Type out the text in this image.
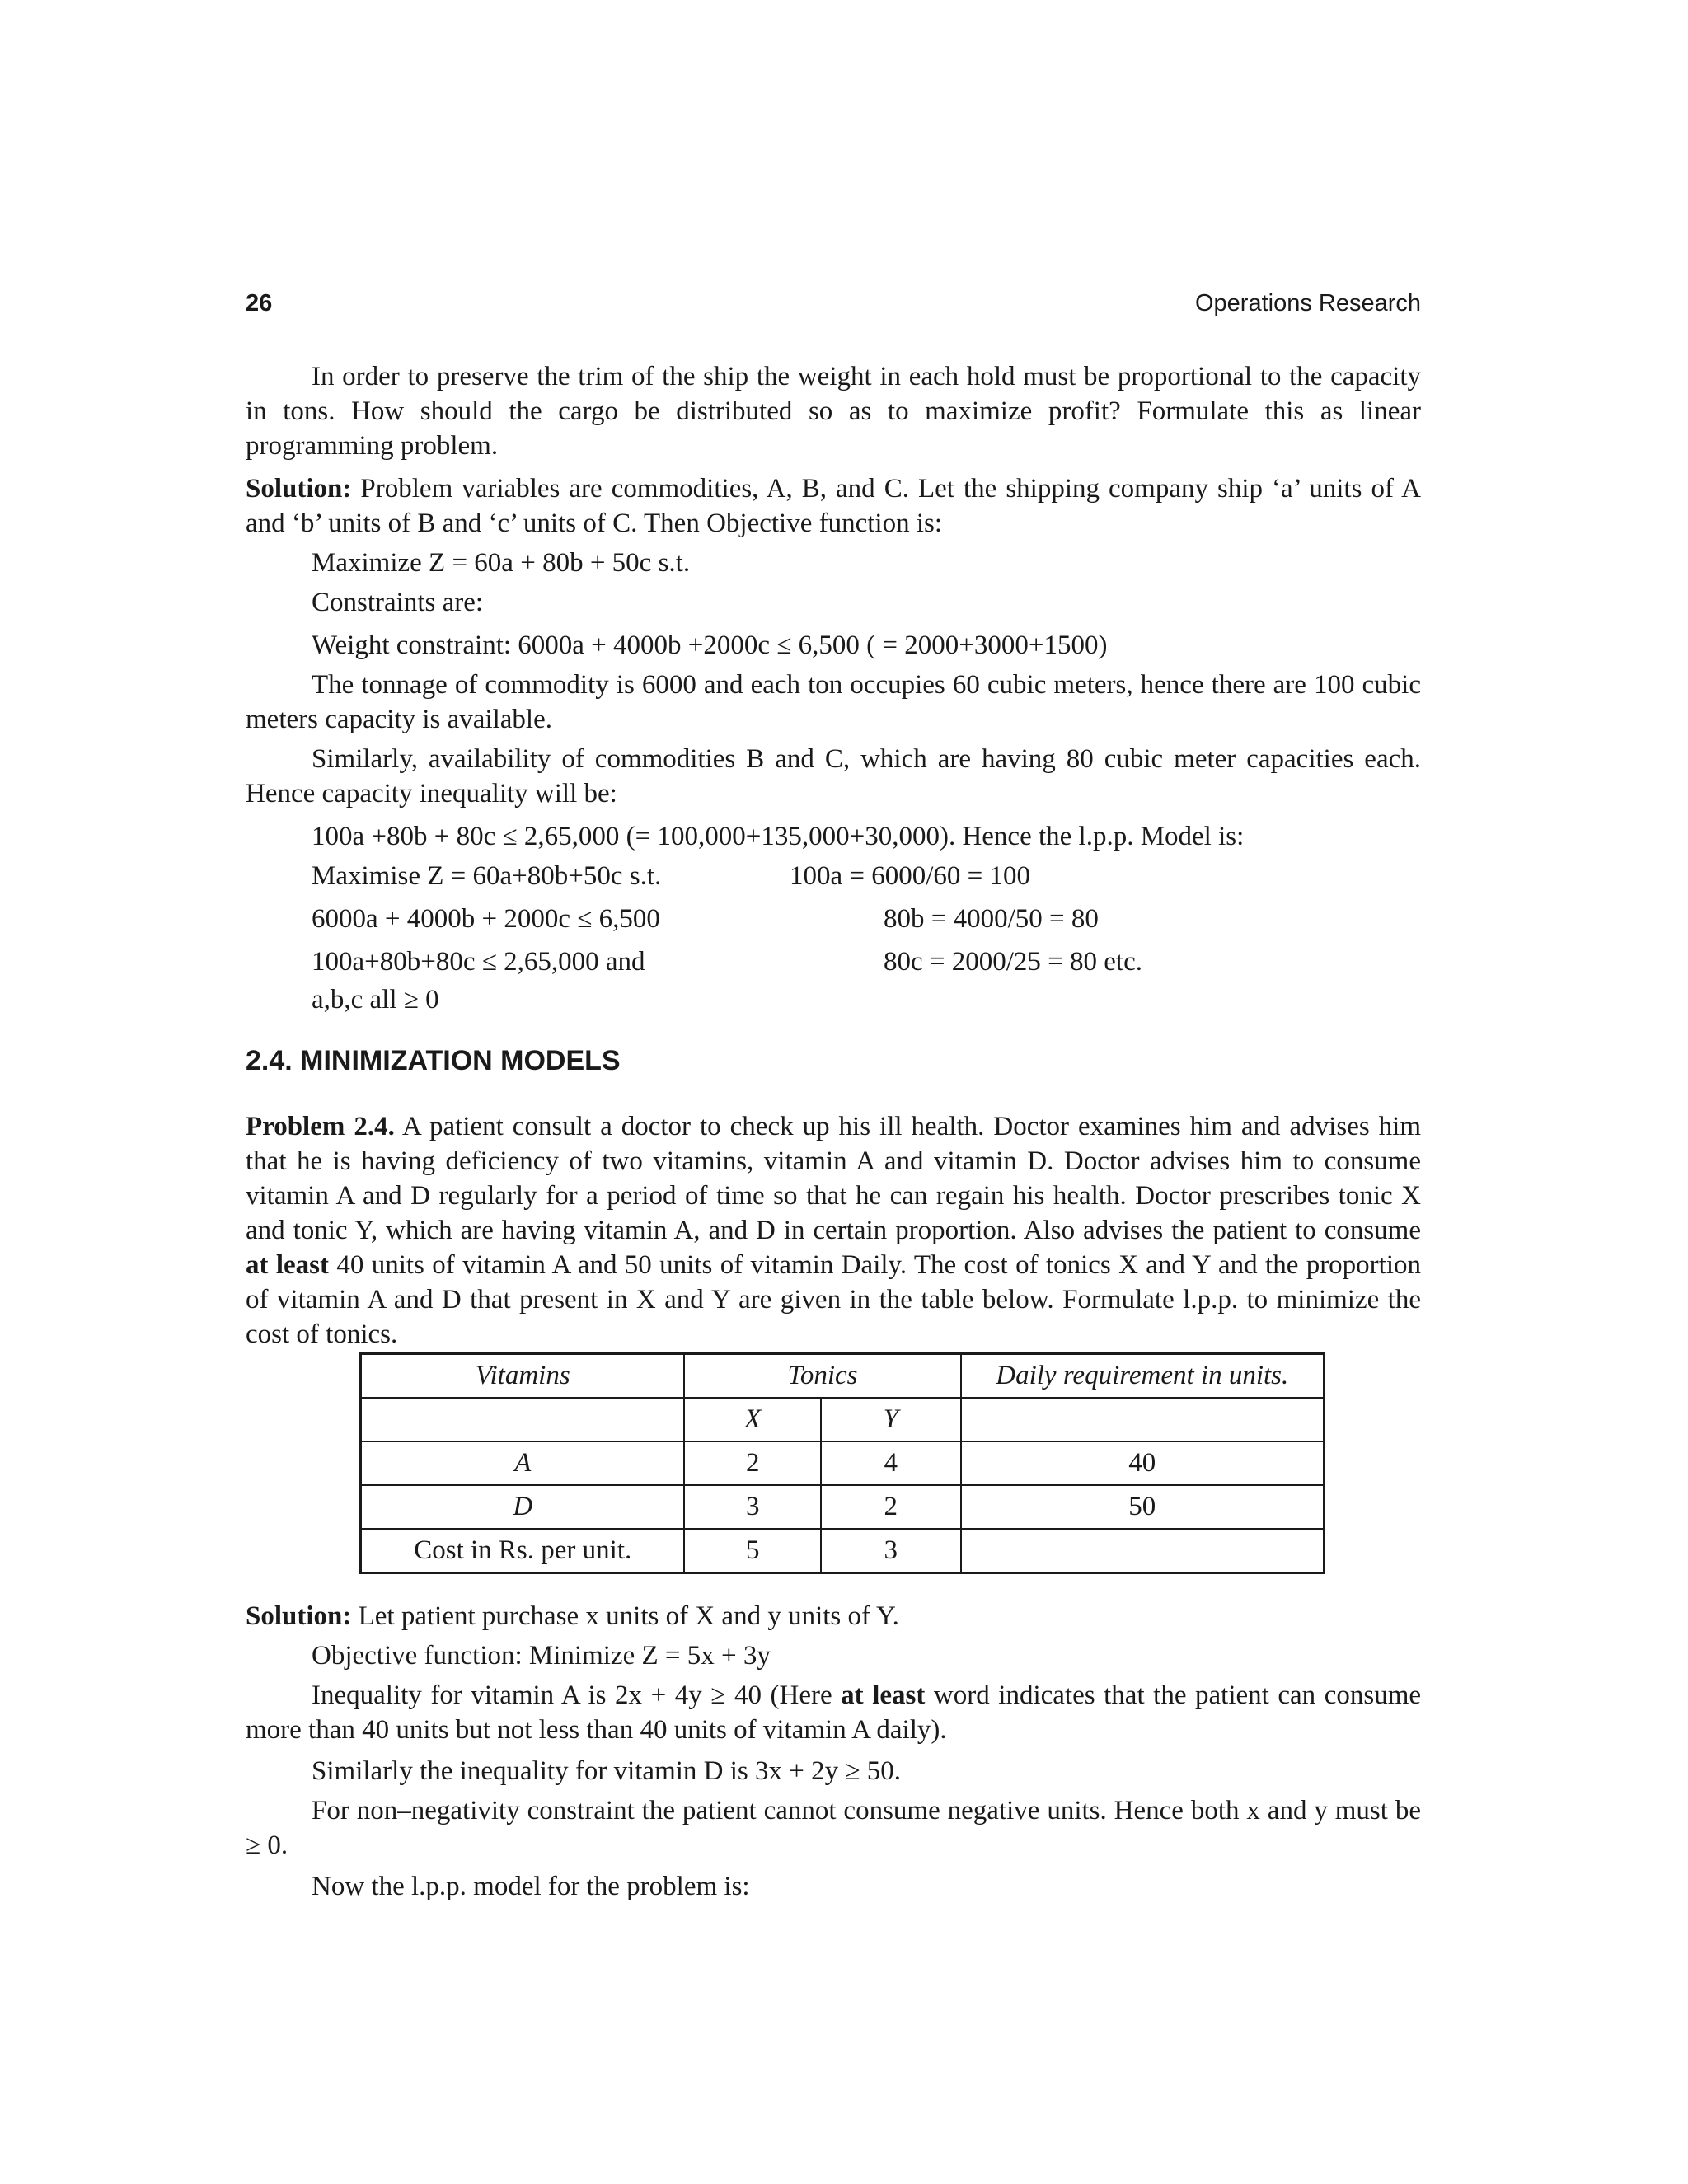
26	Operations Research
In order to preserve the trim of the ship the weight in each hold must be proportional to the capacity in tons. How should the cargo be distributed so as to maximize profit? Formulate this as linear programming problem.
Solution: Problem variables are commodities, A, B, and C. Let the shipping company ship ‘a’ units of A and ‘b’ units of B and ‘c’ units of C. Then Objective function is:
Maximize Z = 60a + 80b + 50c s.t.
Constraints are:
Weight constraint: 6000a + 4000b +2000c ≤ 6,500 ( = 2000+3000+1500)
The tonnage of commodity is 6000 and each ton occupies 60 cubic meters, hence there are 100 cubic meters capacity is available.
Similarly, availability of commodities B and C, which are having 80 cubic meter capacities each. Hence capacity inequality will be:
100a +80b + 80c ≤ 2,65,000 (= 100,000+135,000+30,000). Hence the l.p.p. Model is:
Maximise Z = 60a+80b+50c s.t.	100a = 6000/60 = 100
6000a + 4000b + 2000c ≤ 6,500	80b = 4000/50 = 80
100a+80b+80c ≤ 2,65,000 and	80c = 2000/25 = 80 etc.
a,b,c all ≥ 0
2.4. MINIMIZATION MODELS
Problem 2.4. A patient consult a doctor to check up his ill health. Doctor examines him and advises him that he is having deficiency of two vitamins, vitamin A and vitamin D. Doctor advises him to consume vitamin A and D regularly for a period of time so that he can regain his health. Doctor prescribes tonic X and tonic Y, which are having vitamin A, and D in certain proportion. Also advises the patient to consume at least 40 units of vitamin A and 50 units of vitamin Daily. The cost of tonics X and Y and the proportion of vitamin A and D that present in X and Y are given in the table below. Formulate l.p.p. to minimize the cost of tonics.
Vitamins	Tonics		Daily requirement in units.
	X	Y	
A	2	4	40
D	3	2	50
Cost in Rs. per unit.	5	3	
Solution: Let patient purchase x units of X and y units of Y.
Objective function: Minimize Z = 5x + 3y
Inequality for vitamin A is 2x + 4y ≥ 40 (Here at least word indicates that the patient can consume more than 40 units but not less than 40 units of vitamin A daily).
Similarly the inequality for vitamin D is 3x + 2y ≥ 50.
For non–negativity constraint the patient cannot consume negative units. Hence both x and y must be ≥ 0.
Now the l.p.p. model for the problem is:
